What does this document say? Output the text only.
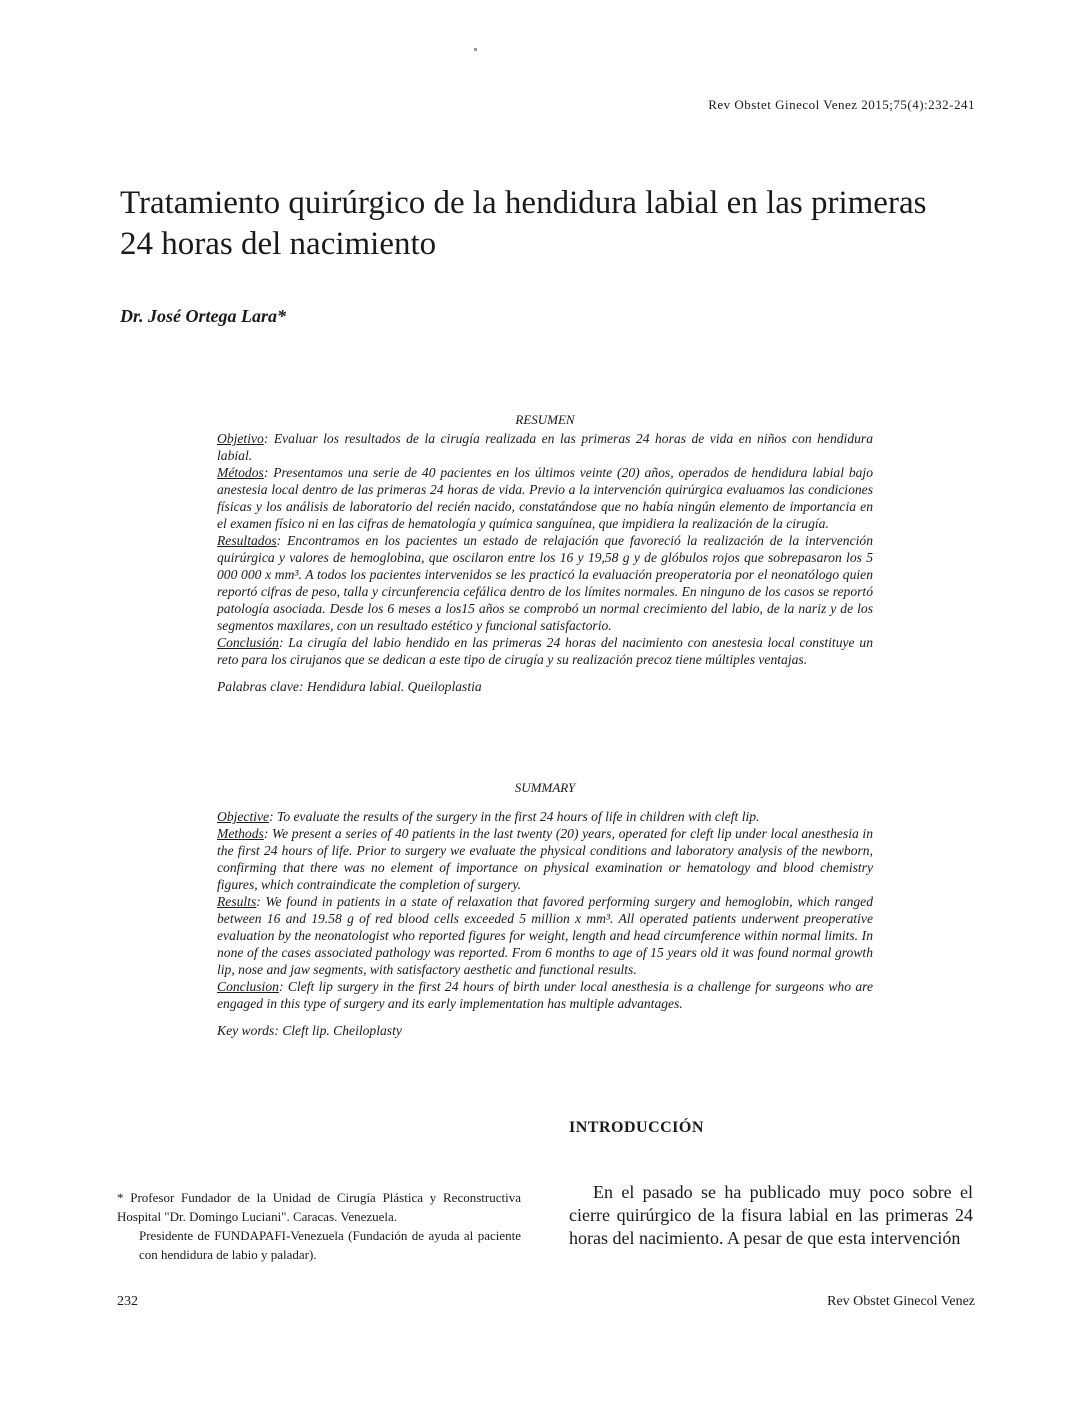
Rev Obstet Ginecol Venez 2015;75(4):232-241
Tratamiento quirúrgico de la hendidura labial en las primeras 24 horas del nacimiento
Dr. José Ortega Lara*
RESUMEN

Objetivo: Evaluar los resultados de la cirugía realizada en las primeras 24 horas de vida en niños con hendidura labial.

Métodos: Presentamos una serie de 40 pacientes en los últimos veinte (20) años, operados de hendidura labial bajo anestesia local dentro de las primeras 24 horas de vida. Previo a la intervención quirúrgica evaluamos las condiciones físicas y los análisis de laboratorio del recién nacido, constatándose que no había ningún elemento de importancia en el examen físico ni en las cifras de hematología y química sanguínea, que impidiera la realización de la cirugía.

Resultados: Encontramos en los pacientes un estado de relajación que favoreció la realización de la intervención quirúrgica y valores de hemoglobina, que oscilaron entre los 16 y 19,58 g y de glóbulos rojos que sobrepasaron los 5 000 000 x mm³. A todos los pacientes intervenidos se les practicó la evaluación preoperatoria por el neonatólogo quien reportó cifras de peso, talla y circunferencia cefálica dentro de los límites normales. En ninguno de los casos se reportó patología asociada. Desde los 6 meses a los15 años se comprobó un normal crecimiento del labio, de la nariz y de los segmentos maxilares, con un resultado estético y funcional satisfactorio.

Conclusión: La cirugía del labio hendido en las primeras 24 horas del nacimiento con anestesia local constituye un reto para los cirujanos que se dedican a este tipo de cirugía y su realización precoz tiene múltiples ventajas.

Palabras clave: Hendidura labial. Queiloplastia

SUMMARY

Objective: To evaluate the results of the surgery in the first 24 hours of life in children with cleft lip.

Methods: We present a series of 40 patients in the last twenty (20) years, operated for cleft lip under local anesthesia in the first 24 hours of life. Prior to surgery we evaluate the physical conditions and laboratory analysis of the newborn, confirming that there was no element of importance on physical examination or hematology and blood chemistry figures, which contraindicate the completion of surgery.

Results: We found in patients in a state of relaxation that favored performing surgery and hemoglobin, which ranged between 16 and 19.58 g of red blood cells exceeded 5 million x mm³. All operated patients underwent preoperative evaluation by the neonatologist who reported figures for weight, length and head circumference within normal limits. In none of the cases associated pathology was reported. From 6 months to age of 15 years old it was found normal growth lip, nose and jaw segments, with satisfactory aesthetic and functional results.

Conclusion: Cleft lip surgery in the first 24 hours of birth under local anesthesia is a challenge for surgeons who are engaged in this type of surgery and its early implementation has multiple advantages.

Key words: Cleft lip. Cheiloplasty

INTRODUCCIÓN

En el pasado se ha publicado muy poco sobre el cierre quirúrgico de la fisura labial en las primeras 24 horas del nacimiento. A pesar de que esta intervención

* Profesor Fundador de la Unidad de Cirugía Plástica y Reconstructiva Hospital "Dr. Domingo Luciani". Caracas. Venezuela.

Presidente de FUNDAPAFI-Venezuela (Fundación de ayuda al paciente con hendidura de labio y paladar).

232	Rev Obstet Ginecol Venez
